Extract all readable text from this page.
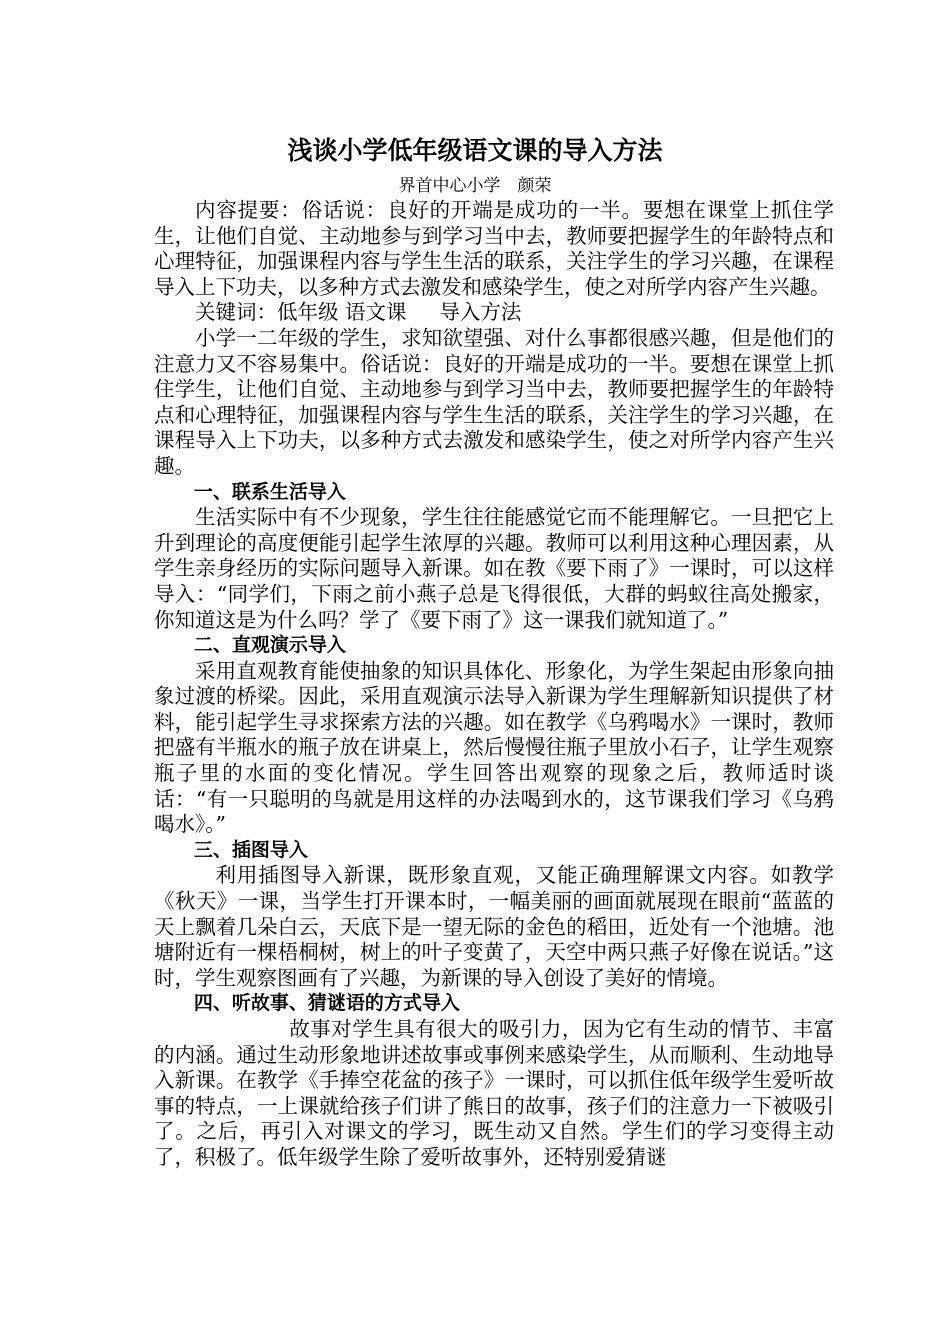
浅谈小学低年级语文课的导入方法
界首中心小学　颜荣

内容提要：俗话说：良好的开端是成功的一半。要想在课堂上抓住学生，让他们自觉、主动地参与到学习当中去，教师要把握学生的年龄特点和心理特征，加强课程内容与学生生活的联系，关注学生的学习兴趣，在课程导入上下功夫，以多种方式去激发和感染学生，使之对所学内容产生兴趣。

关键词：低年级 语文课 导入方法

小学一二年级的学生，求知欲望强、对什么事都很感兴趣，但是他们的注意力又不容易集中。俗话说：良好的开端是成功的一半。要想在课堂上抓住学生，让他们自觉、主动地参与到学习当中去，教师要把握学生的年龄特点和心理特征，加强课程内容与学生生活的联系，关注学生的学习兴趣，在课程导入上下功夫，以多种方式去激发和感染学生，使之对所学内容产生兴趣。

一、联系生活导入

生活实际中有不少现象，学生往往能感觉它而不能理解它。一旦把它上升到理论的高度便能引起学生浓厚的兴趣。教师可以利用这种心理因素，从学生亲身经历的实际问题导入新课。如在教《要下雨了》一课时，可以这样导入：“同学们，下雨之前小燕子总是飞得很低，大群的蚂蚁往高处搬家，你知道这是为什么吗？学了《要下雨了》这一课我们就知道了。”

二、直观演示导入

采用直观教育能使抽象的知识具体化、形象化，为学生架起由形象向抽象过渡的桥梁。因此，采用直观演示法导入新课为学生理解新知识提供了材料，能引起学生寻求探索方法的兴趣。如在教学《乌鸦喝水》一课时，教师把盛有半瓶水的瓶子放在讲桌上，然后慢慢往瓶子里放小石子，让学生观察瓶子里的水面的变化情况。学生回答出观察的现象之后，教师适时谈话：“有一只聪明的鸟就是用这样的办法喝到水的，这节课我们学习《乌鸦喝水》。”

三、插图导入

利用插图导入新课，既形象直观，又能正确理解课文内容。如教学《秋天》一课，当学生打开课本时，一幅美丽的画面就展现在眼前“蓝蓝的天上飘着几朵白云，天底下是一望无际的金色的稻田，近处有一个池塘。池塘附近有一棵梧桐树，树上的叶子变黄了，天空中两只燕子好像在说话。”这时，学生观察图画有了兴趣，为新课的导入创设了美好的情境。

四、听故事、猜谜语的方式导入

故事对学生具有很大的吸引力，因为它有生动的情节、丰富的内涵。通过生动形象地讲述故事或事例来感染学生，从而顺利、生动地导入新课。在教学《手捧空花盆的孩子》一课时，可以抓住低年级学生爱听故事的特点，一上课就给孩子们讲了熊日的故事，孩子们的注意力一下被吸引了。之后，再引入对课文的学习，既生动又自然。学生们的学习变得主动了，积极了。低年级学生除了爱听故事外，还特别爱猜谜
